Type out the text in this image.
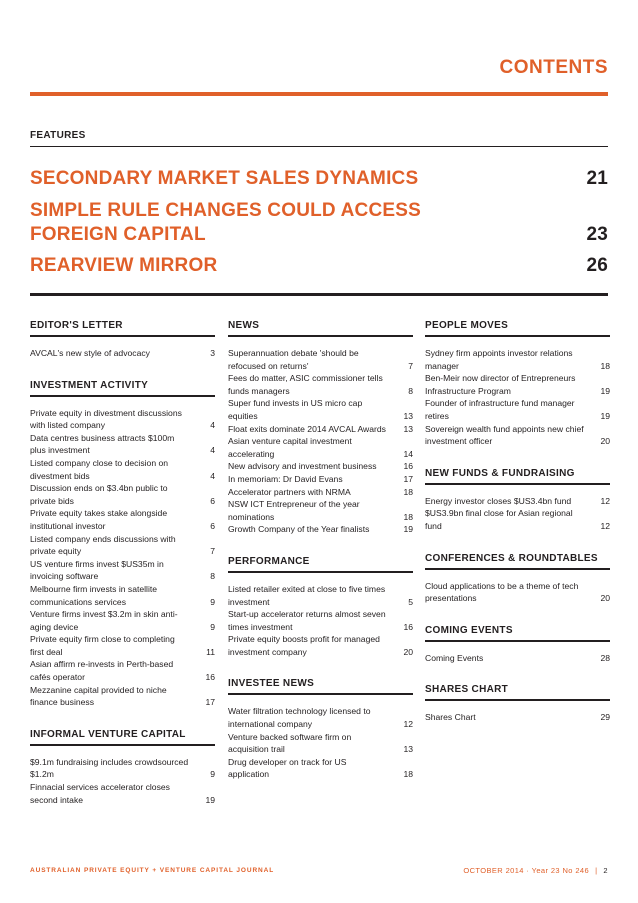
CONTENTS
FEATURES
SECONDARY MARKET SALES DYNAMICS	21
SIMPLE RULE CHANGES COULD ACCESS FOREIGN CAPITAL	23
REARVIEW MIRROR	26
EDITOR'S LETTER
AVCAL's new style of advocacy	3
INVESTMENT ACTIVITY
Private equity in divestment discussions with listed company	4
Data centres business attracts $100m plus investment	4
Listed company close to decision on divestment bids	4
Discussion ends on $3.4bn public to private bids	6
Private equity takes stake alongside institutional investor	6
Listed company ends discussions with private equity	7
US venture firms invest $US35m in invoicing software	8
Melbourne firm invests in satellite communications services	9
Venture firms invest $3.2m in skin anti-aging device	9
Private equity firm close to completing first deal	11
Asian affirm re-invests in Perth-based cafés operator	16
Mezzanine capital provided to niche finance business	17
INFORMAL VENTURE CAPITAL
$9.1m fundraising includes crowdsourced $1.2m	9
Finnacial services accelerator closes second intake	19
NEWS
Superannuation debate 'should be refocused on returns'	7
Fees do matter, ASIC commissioner tells funds managers	8
Super fund invests in US micro cap equities	13
Float exits dominate 2014 AVCAL Awards 13
Asian venture capital investment accelerating	14
New advisory and investment business	16
In memoriam: Dr David Evans	17
Accelerator partners with NRMA	18
NSW ICT Entrepreneur of the year nominations	18
Growth Company of the Year finalists	19
PERFORMANCE
Listed retailer exited at close to five times investment	5
Start-up accelerator returns almost seven times investment	16
Private equity boosts profit for managed investment company	20
INVESTEE NEWS
Water filtration technology licensed to international company	12
Venture backed software firm on acquisition trail	13
Drug developer on track for US application	18
PEOPLE MOVES
Sydney firm appoints investor relations manager	18
Ben-Meir now director of Entrepreneurs Infrastructure Program	19
Founder of infrastructure fund manager retires	19
Sovereign wealth fund appoints new chief investment officer	20
NEW FUNDS & FUNDRAISING
Energy investor closes $US3.4bn fund	12
$US3.9bn final close for Asian regional fund	12
CONFERENCES & ROUNDTABLES
Cloud applications to be a theme of tech presentations	20
COMING EVENTS
Coming Events	28
SHARES CHART
Shares Chart	29
AUSTRALIAN PRIVATE EQUITY + VENTURE CAPITAL JOURNAL	OCTOBER 2014 · Year 23 No 246 | 2
